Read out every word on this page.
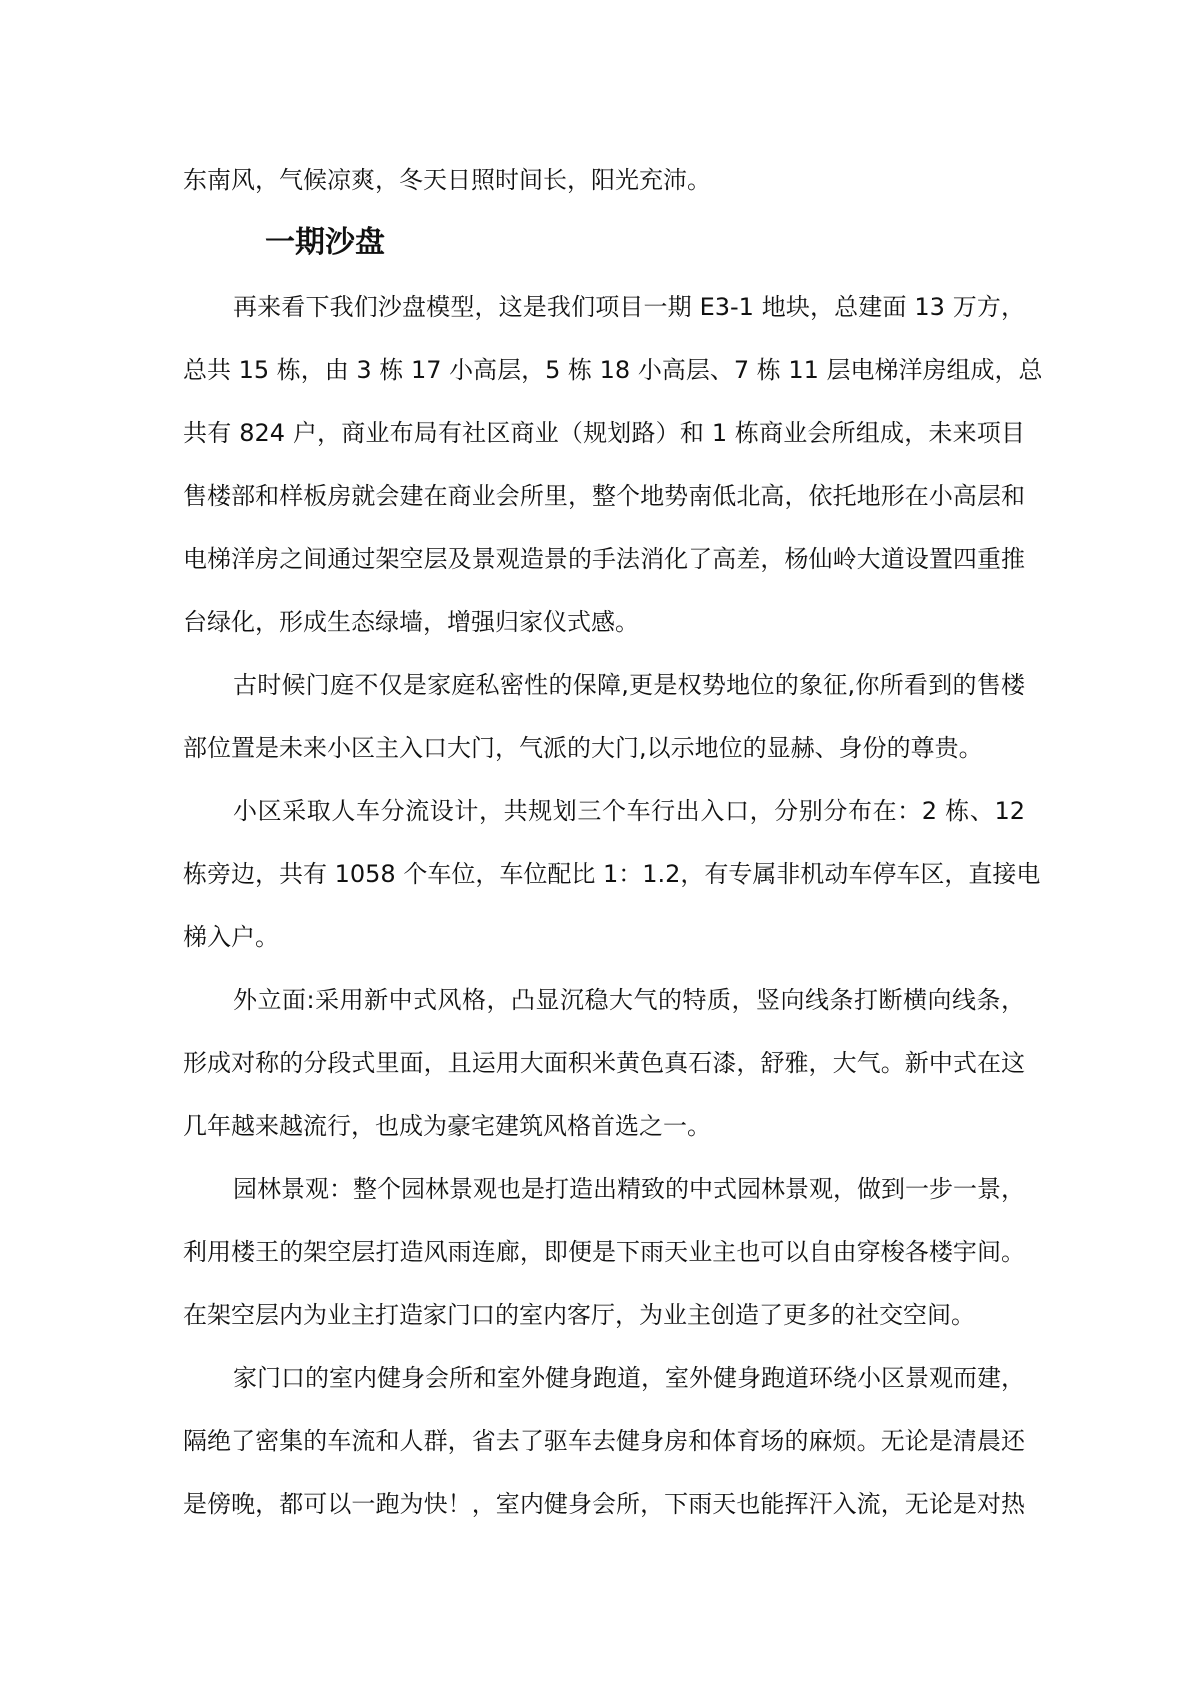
东南风，气候凉爽，冬天日照时间长，阳光充沛。
一期沙盘
再来看下我们沙盘模型，这是我们项目一期 E3-1 地块，总建面 13 万方，
总共 15 栋，由 3 栋 17 小高层，5 栋 18 小高层、7 栋 11 层电梯洋房组成，总
共有 824 户，商业布局有社区商业（规划路）和 1 栋商业会所组成，未来项目
售楼部和样板房就会建在商业会所里，整个地势南低北高，依托地形在小高层和
电梯洋房之间通过架空层及景观造景的手法消化了高差，杨仙岭大道设置四重推
台绿化，形成生态绿墙，增强归家仪式感。
古时候门庭不仅是家庭私密性的保障,更是权势地位的象征,你所看到的售楼
部位置是未来小区主入口大门，气派的大门,以示地位的显赫、身份的尊贵。
小区采取人车分流设计，共规划三个车行出入口，分别分布在：2 栋、12
栋旁边，共有 1058 个车位，车位配比 1：1.2，有专属非机动车停车区，直接电
梯入户。
外立面:采用新中式风格，凸显沉稳大气的特质，竖向线条打断横向线条，
形成对称的分段式里面，且运用大面积米黄色真石漆，舒雅，大气。新中式在这
几年越来越流行，也成为豪宅建筑风格首选之一。
园林景观：整个园林景观也是打造出精致的中式园林景观，做到一步一景，
利用楼王的架空层打造风雨连廊，即便是下雨天业主也可以自由穿梭各楼宇间。
在架空层内为业主打造家门口的室内客厅，为业主创造了更多的社交空间。
家门口的室内健身会所和室外健身跑道，室外健身跑道环绕小区景观而建，
隔绝了密集的车流和人群，省去了驱车去健身房和体育场的麻烦。无论是清晨还
是傍晚，都可以一跑为快！，室内健身会所，下雨天也能挥汗入流，无论是对热
